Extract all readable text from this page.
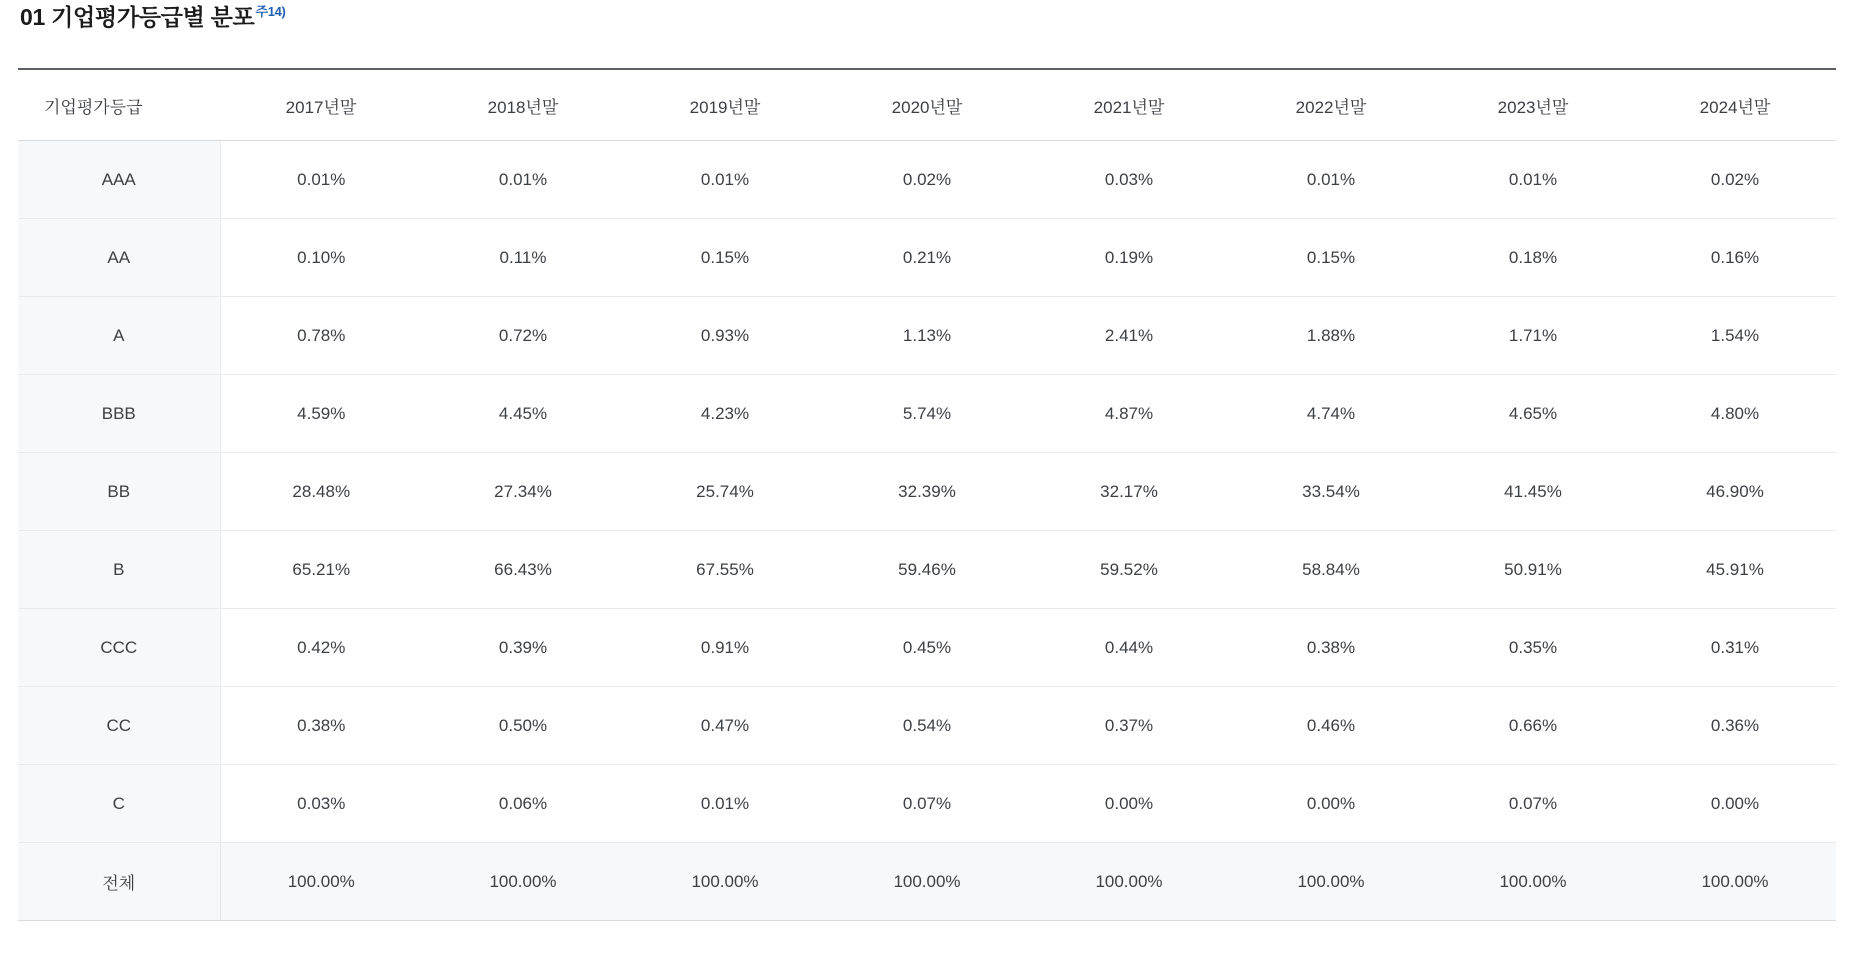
01 기업평가등급별 분포$^{주14)}$
기업평가등급	2017년말	2018년말	2019년말	2020년말	2021년말	2022년말	2023년말	2024년말
AAA	0.01%	0.01%	0.01%	0.02%	0.03%	0.01%	0.01%	0.02%
AA	0.10%	0.11%	0.15%	0.21%	0.19%	0.15%	0.18%	0.16%
A	0.78%	0.72%	0.93%	1.13%	2.41%	1.88%	1.71%	1.54%
BBB	4.59%	4.45%	4.23%	5.74%	4.87%	4.74%	4.65%	4.80%
BB	28.48%	27.34%	25.74%	32.39%	32.17%	33.54%	41.45%	46.90%
B	65.21%	66.43%	67.55%	59.46%	59.52%	58.84%	50.91%	45.91%
CCC	0.42%	0.39%	0.91%	0.45%	0.44%	0.38%	0.35%	0.31%
CC	0.38%	0.50%	0.47%	0.54%	0.37%	0.46%	0.66%	0.36%
C	0.03%	0.06%	0.01%	0.07%	0.00%	0.00%	0.07%	0.00%
전체	100.00%	100.00%	100.00%	100.00%	100.00%	100.00%	100.00%	100.00%
